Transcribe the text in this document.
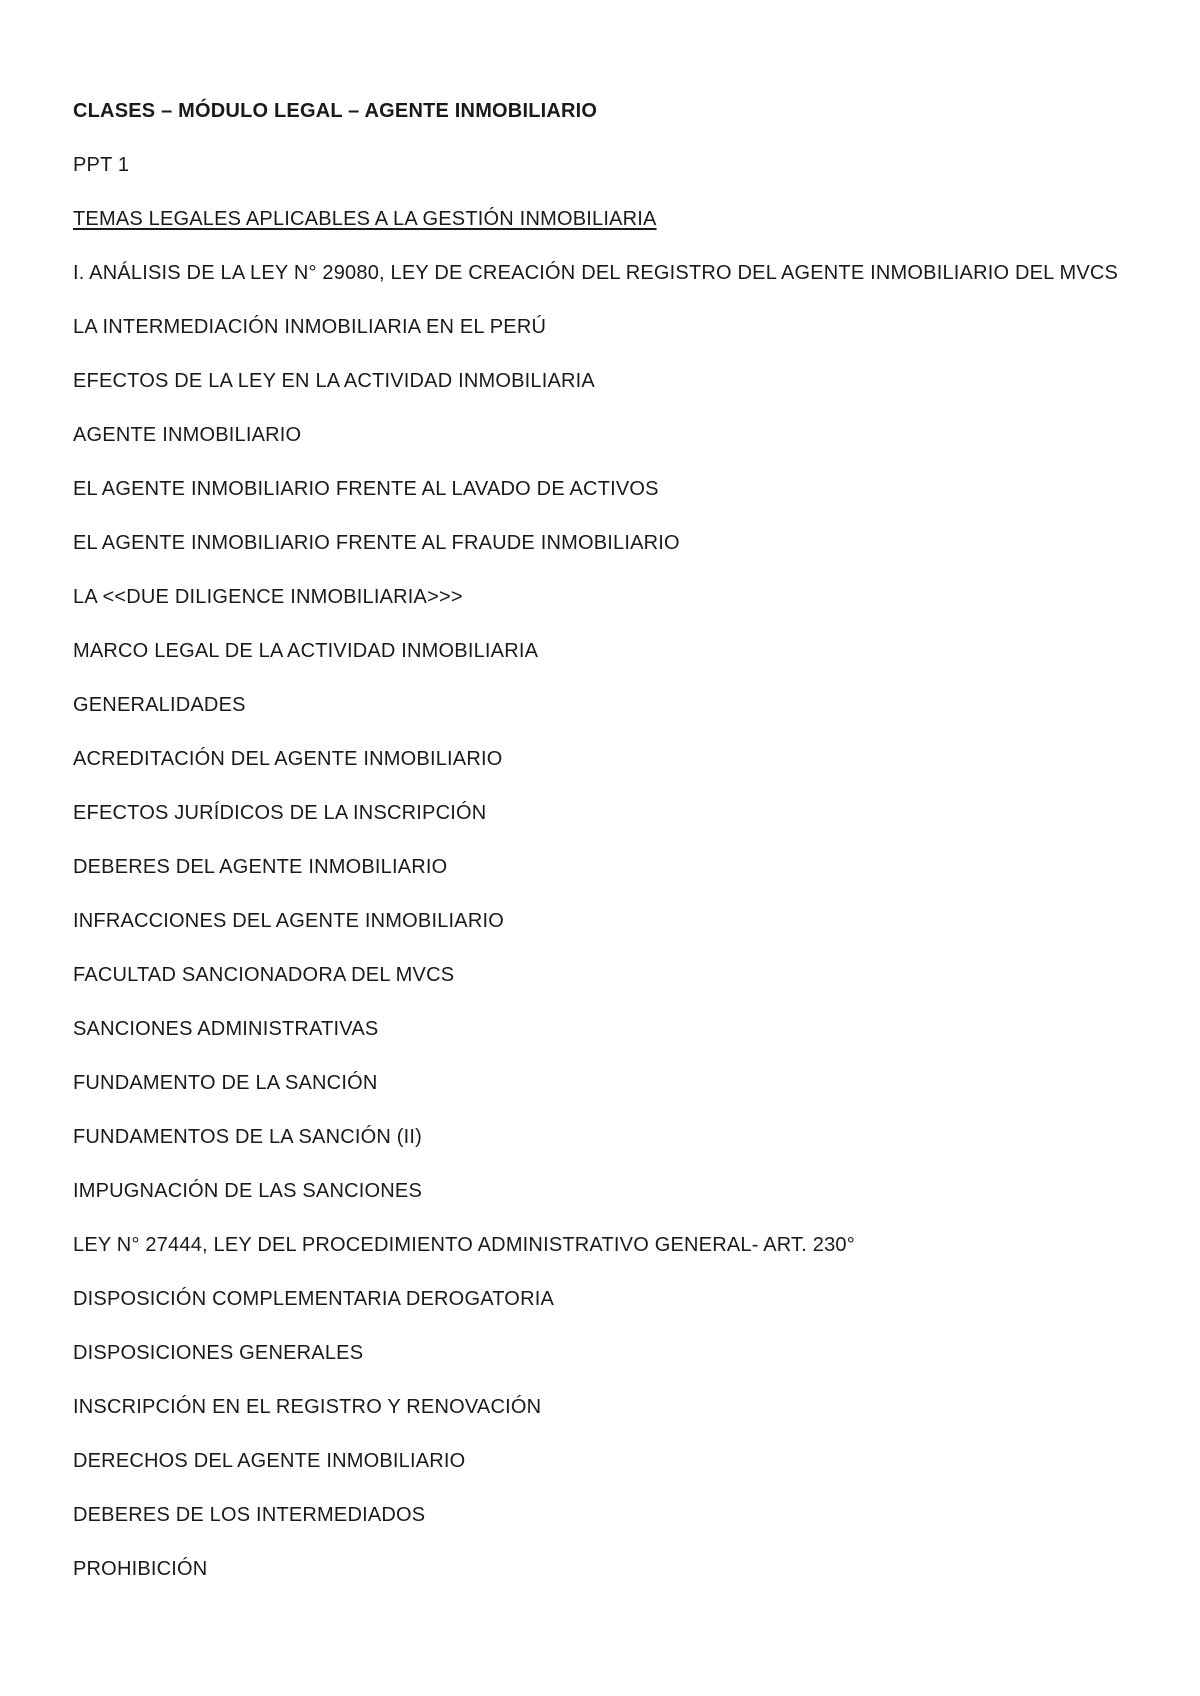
CLASES – MÓDULO LEGAL – AGENTE INMOBILIARIO

PPT 1

TEMAS LEGALES APLICABLES A LA GESTIÓN INMOBILIARIA

I. ANÁLISIS DE LA LEY N° 29080, LEY DE CREACIÓN DEL REGISTRO DEL AGENTE INMOBILIARIO DEL MVCS
LA INTERMEDIACIÓN INMOBILIARIA EN EL PERÚ
EFECTOS DE LA LEY EN LA ACTIVIDAD INMOBILIARIA
AGENTE INMOBILIARIO
EL AGENTE INMOBILIARIO FRENTE AL LAVADO DE ACTIVOS
EL AGENTE INMOBILIARIO FRENTE AL FRAUDE INMOBILIARIO
LA <<DUE DILIGENCE INMOBILIARIA>>>
MARCO LEGAL DE LA ACTIVIDAD INMOBILIARIA
GENERALIDADES
ACREDITACIÓN DEL AGENTE INMOBILIARIO
EFECTOS JURÍDICOS DE LA INSCRIPCIÓN
DEBERES DEL AGENTE INMOBILIARIO
INFRACCIONES DEL AGENTE INMOBILIARIO
FACULTAD SANCIONADORA DEL MVCS
SANCIONES ADMINISTRATIVAS
FUNDAMENTO DE LA SANCIÓN
FUNDAMENTOS DE LA SANCIÓN (II)
IMPUGNACIÓN DE LAS SANCIONES
LEY N° 27444, LEY DEL PROCEDIMIENTO ADMINISTRATIVO GENERAL- ART. 230°
DISPOSICIÓN COMPLEMENTARIA DEROGATORIA
DISPOSICIONES GENERALES
INSCRIPCIÓN EN EL REGISTRO Y RENOVACIÓN
DERECHOS DEL AGENTE INMOBILIARIO
DEBERES DE LOS INTERMEDIADOS
PROHIBICIÓN
